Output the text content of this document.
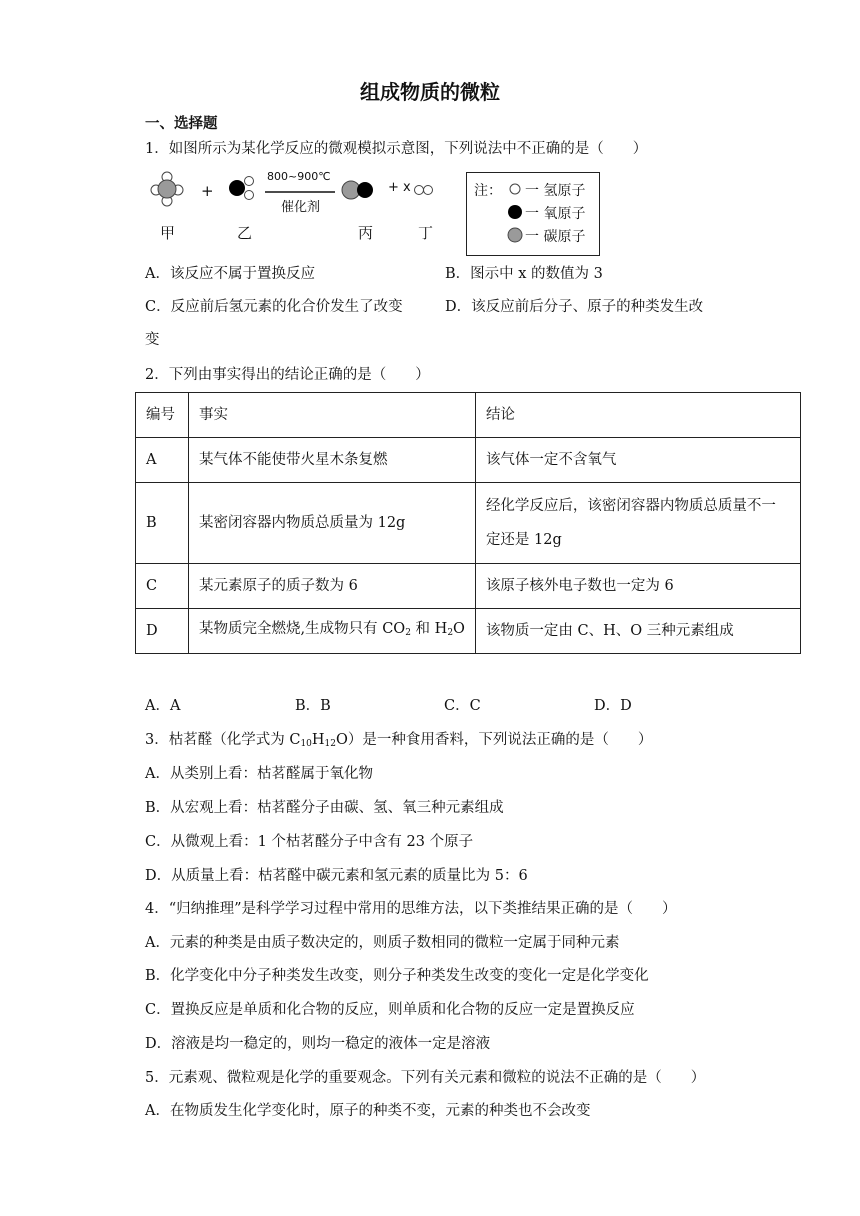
组成物质的微粒
一、选择题
1．如图所示为某化学反应的微观模拟示意图，下列说法中不正确的是（　　）
+	+ x
800~900℃
催化剂
甲	乙	丙	丁
注： 一 氢原子
一 氧原子
一 碳原子
A．该反应不属于置换反应	B．图示中 x 的数值为 3
C．反应前后氢元素的化合价发生了改变	D．该反应前后分子、原子的种类发生改
变
2．下列由事实得出的结论正确的是（　　）
编号	事实	结论
A	某气体不能使带火星木条复燃	该气体一定不含氧气
B	某密闭容器内物质总质量为 12g	经化学反应后，该密闭容器内物质总质量不一
定还是 12g
C	某元素原子的质子数为 6	该原子核外电子数也一定为 6
D	某物质完全燃烧,生成物只有 $CO_2$ 和 $H_2O$	该物质一定由 C、H、O 三种元素组成
A．A	B．B	C．C	D．D
3．枯茗醛（化学式为 $C_{10}H_{12}O$）是一种食用香料，下列说法正确的是（　　）
A．从类别上看：枯茗醛属于氧化物
B．从宏观上看：枯茗醛分子由碳、氢、氧三种元素组成
C．从微观上看：1 个枯茗醛分子中含有 23 个原子
D．从质量上看：枯茗醛中碳元素和氢元素的质量比为 5：6
4．“归纳推理”是科学学习过程中常用的思维方法，以下类推结果正确的是（　　）
A．元素的种类是由质子数决定的，则质子数相同的微粒一定属于同种元素
B．化学变化中分子种类发生改变，则分子种类发生改变的变化一定是化学变化
C．置换反应是单质和化合物的反应，则单质和化合物的反应一定是置换反应
D．溶液是均一稳定的，则均一稳定的液体一定是溶液
5．元素观、微粒观是化学的重要观念。下列有关元素和微粒的说法不正确的是（　　）
A．在物质发生化学变化时，原子的种类不变，元素的种类也不会改变
